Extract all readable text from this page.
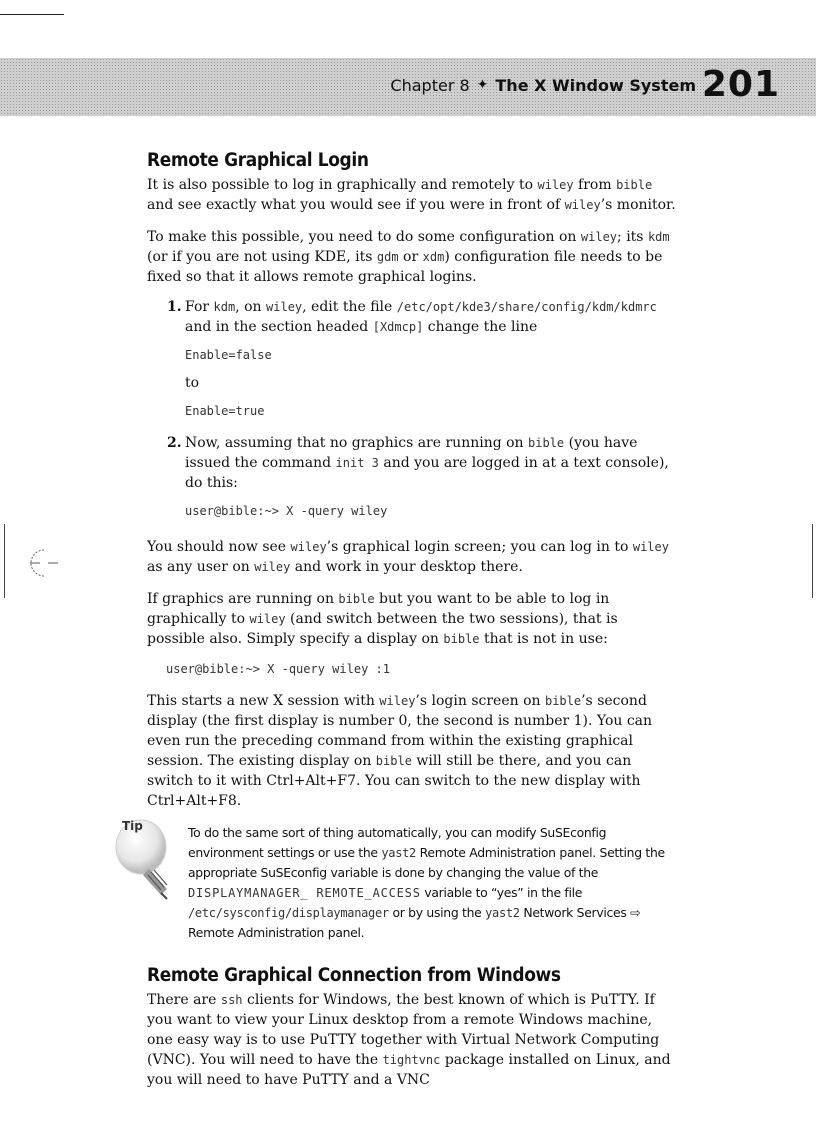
Chapter 8 ✦ The X Window System 201
Remote Graphical Login

It is also possible to log in graphically and remotely to wiley from bible and see exactly what you would see if you were in front of wiley’s monitor.

To make this possible, you need to do some configuration on wiley; its kdm (or if you are not using KDE, its gdm or xdm) configuration file needs to be fixed so that it allows remote graphical logins.

1. For kdm, on wiley, edit the file /etc/opt/kde3/share/config/kdm/kdmrc and in the section headed [Xdmcp] change the line

Enable=false
to
Enable=true
2. Now, assuming that no graphics are running on bible (you have issued the command init 3 and you are logged in at a text console), do this:

user@bible:~> X -query wiley

You should now see wiley’s graphical login screen; you can log in to wiley as any user on wiley and work in your desktop there.

If graphics are running on bible but you want to be able to log in graphically to wiley (and switch between the two sessions), that is possible also. Simply specify a display on bible that is not in use:

user@bible:~> X -query wiley :1

This starts a new X session with wiley’s login screen on bible’s second display (the first display is number 0, the second is number 1). You can even run the preceding command from within the existing graphical session. The existing display on bible will still be there, and you can switch to it with Ctrl+Alt+F7. You can switch to the new display with Ctrl+Alt+F8.

Tip	To do the same sort of thing automatically, you can modify SuSEconfig environment settings or use the yast2 Remote Administration panel. Setting the appropriate SuSEconfig variable is done by changing the value of the DISPLAYMANAGER_ REMOTE_ACCESS variable to “yes” in the file /etc/sysconfig/displaymanager or by using the yast2 Network Services ⇨ Remote Administration panel.
Remote Graphical Connection from Windows

There are ssh clients for Windows, the best known of which is PuTTY. If you want to view your Linux desktop from a remote Windows machine, one easy way is to use PuTTY together with Virtual Network Computing (VNC). You will need to have the tightvnc package installed on Linux, and you will need to have PuTTY and a VNC
